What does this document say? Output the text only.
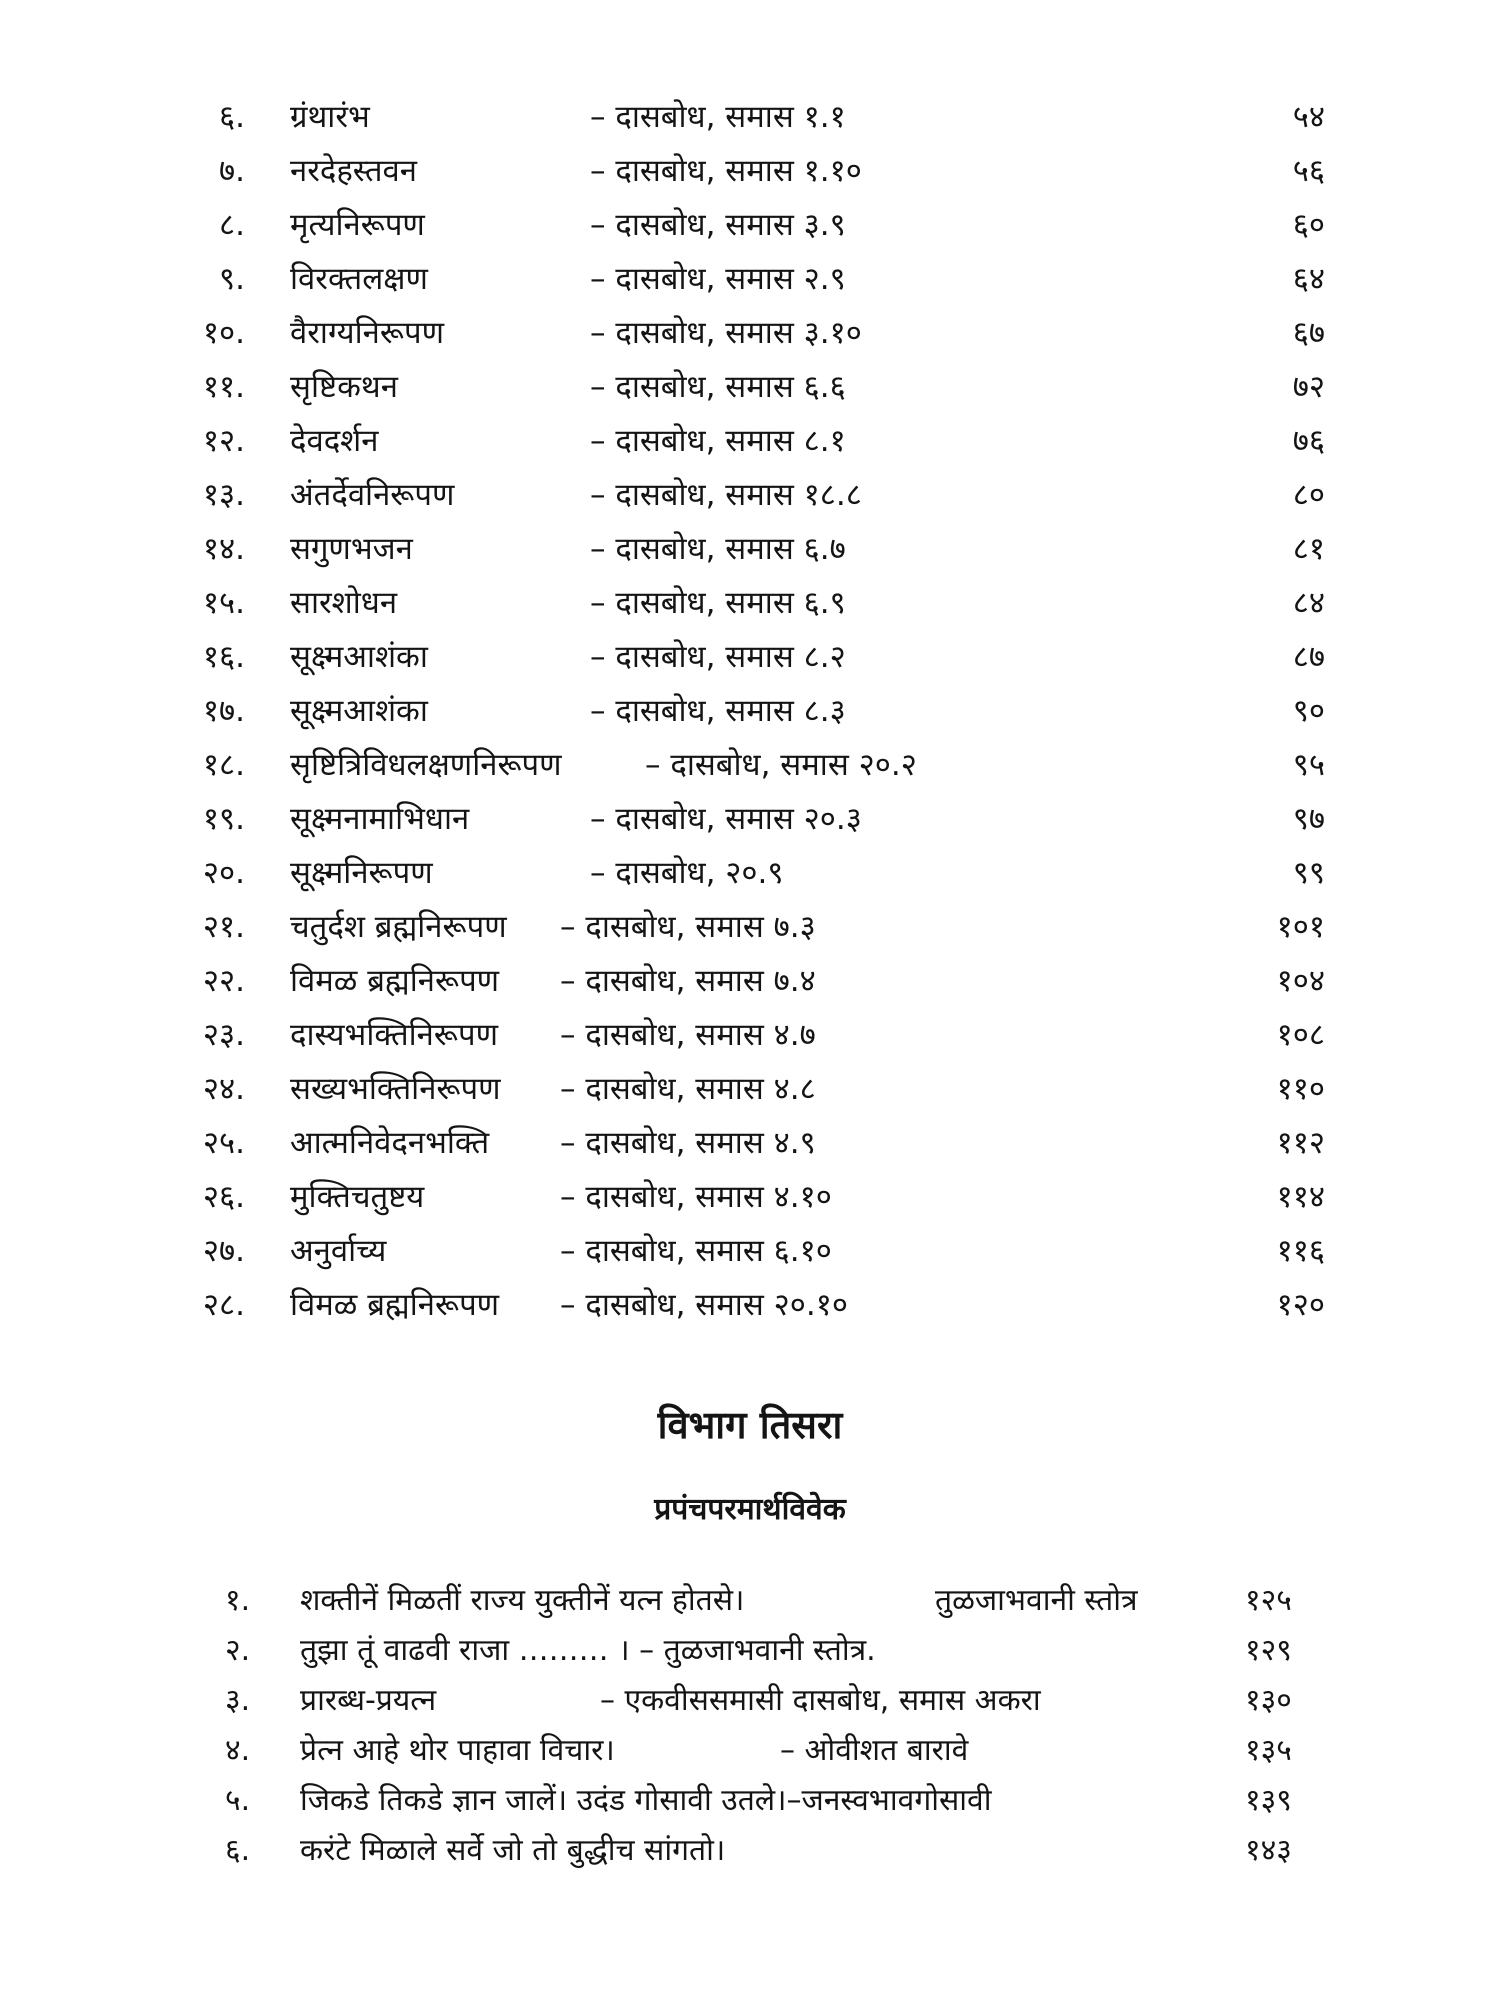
६. ग्रंथारंभ	– दासबोध, समास १.१	५४
७. नरदेहस्तवन	– दासबोध, समास १.१०	५६
८. मृत्यनिरूपण	– दासबोध, समास ३.९	६०
९. विरक्तलक्षण	– दासबोध, समास २.९	६४
१०. वैराग्यनिरूपण	– दासबोध, समास ३.१०	६७
११. सृष्टिकथन	– दासबोध, समास ६.६	७२
१२. देवदर्शन	– दासबोध, समास ८.१	७६
१३. अंतर्देवनिरूपण	– दासबोध, समास १८.८	८०
१४. सगुणभजन	– दासबोध, समास ६.७	८१
१५. सारशोधन	– दासबोध, समास ६.९	८४
१६. सूक्ष्मआशंका	– दासबोध, समास ८.२	८७
१७. सूक्ष्मआशंका	– दासबोध, समास ८.३	९०
१८. सृष्टित्रिविधलक्षणनिरूपण	– दासबोध, समास २०.२	९५
१९. सूक्ष्मनामाभिधान	– दासबोध, समास २०.३	९७
२०. सूक्ष्मनिरूपण	– दासबोध, २०.९	९९
२१. चतुर्दश ब्रह्मनिरूपण – दासबोध, समास ७.३	१०१
२२. विमळ ब्रह्मनिरूपण – दासबोध, समास ७.४	१०४
२३. दास्यभक्तिनिरूपण – दासबोध, समास ४.७	१०८
२४. सख्यभक्तिनिरूपण – दासबोध, समास ४.८	११०
२५. आत्मनिवेदनभक्ति – दासबोध, समास ४.९	११२
२६. मुक्तिचतुष्टय	– दासबोध, समास ४.१०	११४
२७. अनुर्वाच्य	– दासबोध, समास ६.१०	११६
२८. विमळ ब्रह्मनिरूपण – दासबोध, समास २०.१०	१२०
विभाग तिसरा
प्रपंचपरमार्थविवेक
१. शक्तीनें मिळतीं राज्य युक्तीनें यत्न होतसे।	तुळजाभवानी स्तोत्र	१२५
२. तुझा तूं वाढवी राजा ……… । – तुळजाभवानी स्तोत्र.	१२९
३. प्रारब्ध-प्रयत्न	– एकवीससमासी दासबोध, समास अकरा	१३०
४. प्रेत्न आहे थोर पाहावा विचार।	– ओवीशत बारावे	१३५
५. जिकडे तिकडे ज्ञान जालें। उदंड गोसावी उतले।–जनस्वभावगोसावी	१३९
६. करंटे मिळाले सर्वे जो तो बुद्धीच सांगतो।	१४३
